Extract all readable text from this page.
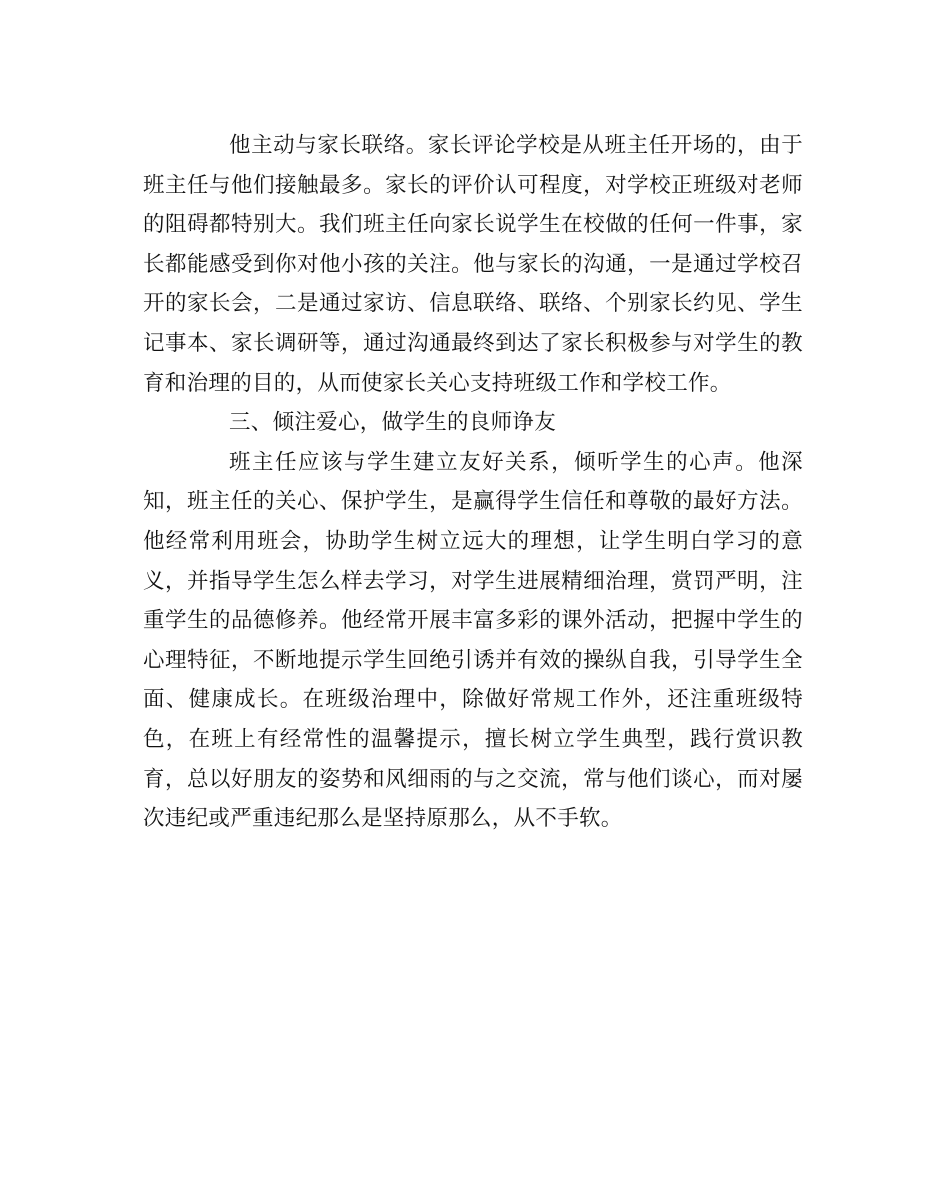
他主动与家长联络。家长评论学校是从班主任开场的，由于班主任与他们接触最多。家长的评价认可程度，对学校正班级对老师的阻碍都特别大。我们班主任向家长说学生在校做的任何一件事，家长都能感受到你对他小孩的关注。他与家长的沟通，一是通过学校召开的家长会，二是通过家访、信息联络、联络、个别家长约见、学生记事本、家长调研等，通过沟通最终到达了家长积极参与对学生的教育和治理的目的，从而使家长关心支持班级工作和学校工作。

三、倾注爱心，做学生的良师诤友

班主任应该与学生建立友好关系，倾听学生的心声。他深知，班主任的关心、保护学生，是赢得学生信任和尊敬的最好方法。他经常利用班会，协助学生树立远大的理想，让学生明白学习的意义，并指导学生怎么样去学习，对学生进展精细治理，赏罚严明，注重学生的品德修养。他经常开展丰富多彩的课外活动，把握中学生的心理特征，不断地提示学生回绝引诱并有效的操纵自我，引导学生全面、健康成长。在班级治理中，除做好常规工作外，还注重班级特色，在班上有经常性的温馨提示，擅长树立学生典型，践行赏识教育，总以好朋友的姿势和风细雨的与之交流，常与他们谈心，而对屡次违纪或严重违纪那么是坚持原那么，从不手软。
